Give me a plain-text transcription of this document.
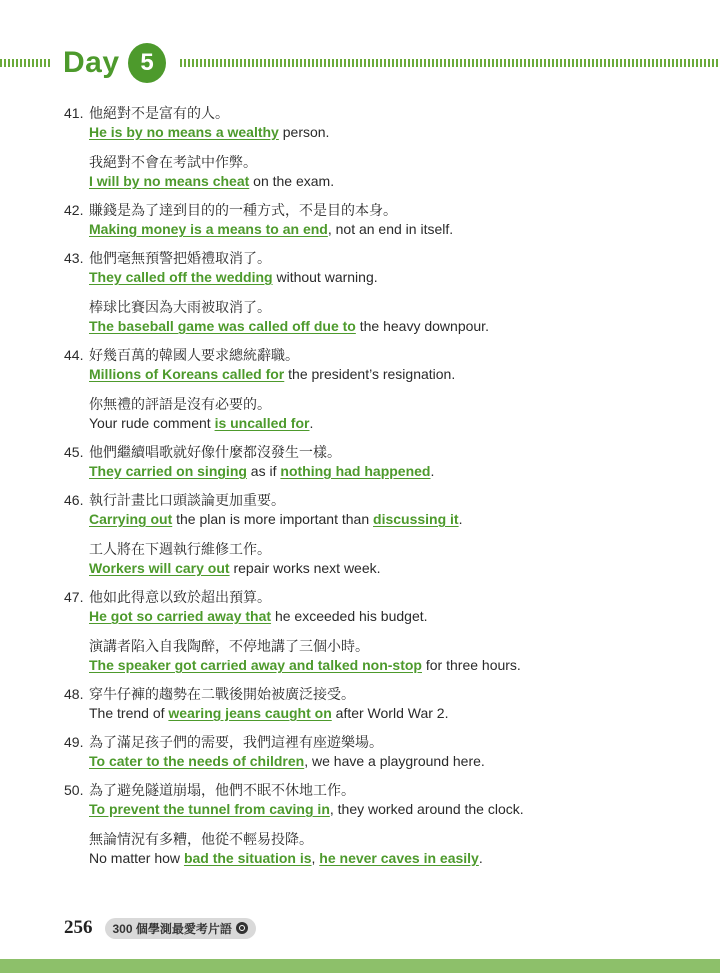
Day 5
41. 他絕對不是富有的人。
He is by no means a wealthy person.
我絕對不會在考試中作弊。
I will by no means cheat on the exam.
42. 賺錢是為了達到目的的一種方式，不是目的本身。
Making money is a means to an end, not an end in itself.
43. 他們毫無預警把婚禮取消了。
They called off the wedding without warning.
棒球比賽因為大雨被取消了。
The baseball game was called off due to the heavy downpour.
44. 好幾百萬的韓國人要求總統辭職。
Millions of Koreans called for the president’s resignation.
你無禮的評語是沒有必要的。
Your rude comment is uncalled for.
45. 他們繼續唱歌就好像什麼都沒發生一樣。
They carried on singing as if nothing had happened.
46. 執行計畫比口頭談論更加重要。
Carrying out the plan is more important than discussing it.
工人將在下週執行維修工作。
Workers will cary out repair works next week.
47. 他如此得意以致於超出預算。
He got so carried away that he exceeded his budget.
演講者陷入自我陶醉，不停地講了三個小時。
The speaker got carried away and talked non-stop for three hours.
48. 穿牛仔褲的趨勢在二戰後開始被廣泛接受。
The trend of wearing jeans caught on after World War 2.
49. 為了滿足孩子們的需要，我們這裡有座遊樂場。
To cater to the needs of children, we have a playground here.
50. 為了避免隧道崩塌，他們不眠不休地工作。
To prevent the tunnel from caving in, they worked around the clock.
無論情況有多糟，他從不輕易投降。
No matter how bad the situation is, he never caves in easily.
256 300 個學測最愛考片語
